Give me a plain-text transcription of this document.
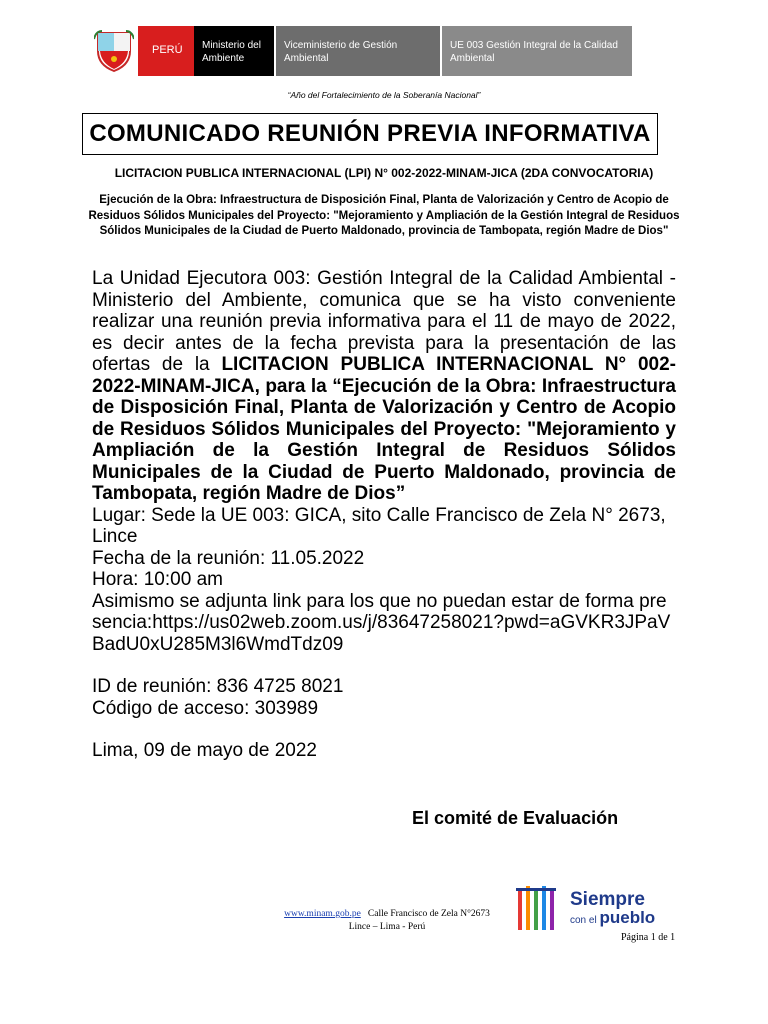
PERÚ	Ministerio del Ambiente
Viceministerio de Gestión Ambiental
UE 003 Gestión Integral de la Calidad Ambiental
“Año del Fortalecimiento de la Soberanía Nacional”
COMUNICADO REUNIÓN PREVIA INFORMATIVA
LICITACION PUBLICA INTERNACIONAL (LPI) N° 002-2022-MINAM-JICA (2DA CONVOCATORIA)
Ejecución de la Obra: Infraestructura de Disposición Final, Planta de Valorización y Centro de Acopio de Residuos Sólidos Municipales del Proyecto: "Mejoramiento y Ampliación de la Gestión Integral de Residuos Sólidos Municipales de la Ciudad de Puerto Maldonado, provincia de Tambopata, región Madre de Dios"

La Unidad Ejecutora 003: Gestión Integral de la Calidad Ambiental - Ministerio del Ambiente, comunica que se ha visto conveniente realizar una reunión previa informativa para el 11 de mayo de 2022, es decir antes de la fecha prevista para la presentación de las ofertas de la LICITACION PUBLICA INTERNACIONAL N° 002-2022-MINAM-JICA, para la “Ejecución de la Obra: Infraestructura de Disposición Final, Planta de Valorización y Centro de Acopio de Residuos Sólidos Municipales del Proyecto: "Mejoramiento y Ampliación de la Gestión Integral de Residuos Sólidos Municipales de la Ciudad de Puerto Maldonado, provincia de Tambopata, región Madre de Dios”

Lugar: Sede la UE 003: GICA, sito Calle Francisco de Zela N° 2673, Lince

Fecha de la reunión: 11.05.2022

Hora: 10:00 am

Asimismo se adjunta link para los que no puedan estar de forma presencia:https://us02web.zoom.us/j/83647258021?pwd=aGVKR3JPaVBadU0xU285M3l6WmdTdz09

ID de reunión: 836 4725 8021

Código de acceso: 303989

Lima, 09 de mayo de 2022

El comité de Evaluación
www.minam.gob.pe Calle Francisco de Zela N°2673
Lince – Lima - Perú
Siempre
con el pueblo
Página 1 de 1
